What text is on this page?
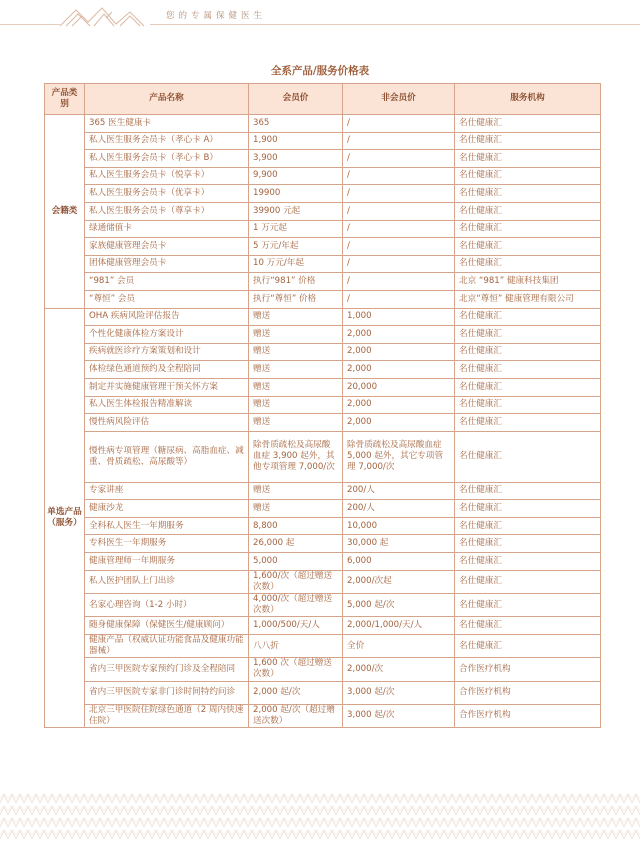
您的专属保健医生
全系产品/服务价格表
产品类别	产品名称	会员价	非会员价	服务机构
会籍类	365 医生健康卡	365	/	名仕健康汇
	私人医生服务会员卡（孝心卡 A）	1,900	/	名仕健康汇
	私人医生服务会员卡（孝心卡 B）	3,900	/	名仕健康汇
	私人医生服务会员卡（悦享卡）	9,900	/	名仕健康汇
	私人医生服务会员卡（优享卡）	19900	/	名仕健康汇
	私人医生服务会员卡（尊享卡）	39900 元起	/	名仕健康汇
	绿通储值卡	1 万元起	/	名仕健康汇
	家族健康管理会员卡	5 万元/年起	/	名仕健康汇
	团体健康管理会员卡	10 万元/年起	/	名仕健康汇
	“981” 会员	执行“981” 价格	/	北京 “981” 健康科技集团
	“尊恒” 会员	执行“尊恒” 价格	/	北京“尊恒” 健康管理有限公司
单选产品（服务）	OHA 疾病风险评估报告	赠送	1,000	名仕健康汇
	个性化健康体检方案设计	赠送	2,000	名仕健康汇
	疾病就医诊疗方案策划和设计	赠送	2,000	名仕健康汇
	体检绿色通道预约及全程陪同	赠送	2,000	名仕健康汇
	制定并实施健康管理干预关怀方案	赠送	20,000	名仕健康汇
	私人医生体检报告精准解读	赠送	2,000	名仕健康汇
	慢性病风险评估	赠送	2,000	名仕健康汇
	慢性病专项管理（糖尿病、高脂血症、减重、骨质疏松、高尿酸等）	除骨质疏松及高尿酸血症 3,900 起外，其他专项管理 7,000/次	除骨质疏松及高尿酸血症 5,000 起外，其它专项管理 7,000/次	名仕健康汇
	专家讲座	赠送	200/人	名仕健康汇
	健康沙龙	赠送	200/人	名仕健康汇
	全科私人医生一年期服务	8,800	10,000	名仕健康汇
	专科医生一年期服务	26,000 起	30,000 起	名仕健康汇
	健康管理师一年期服务	5,000	6,000	名仕健康汇
	私人医护团队上门出诊	1,600/次（超过赠送次数）	2,000/次起	名仕健康汇
	名家心理咨询（1-2 小时）	4,000/次（超过赠送次数）	5,000 起/次	名仕健康汇
	随身健康保障（保健医生/健康顾问）	1,000/500/天/人	2,000/1,000/天/人	名仕健康汇
	健康产品（权威认证功能食品及健康功能器械）	八八折	全价	名仕健康汇
	省内三甲医院专家预约门诊及全程陪同	1,600 次（超过赠送次数）	2,000/次	合作医疗机构
	省内三甲医院专家非门诊时间特约问诊	2,000 起/次	3,000 起/次	合作医疗机构
	北京三甲医院住院绿色通道（2 周内快速住院）	2,000 起/次（超过赠送次数）	3,000 起/次	合作医疗机构
